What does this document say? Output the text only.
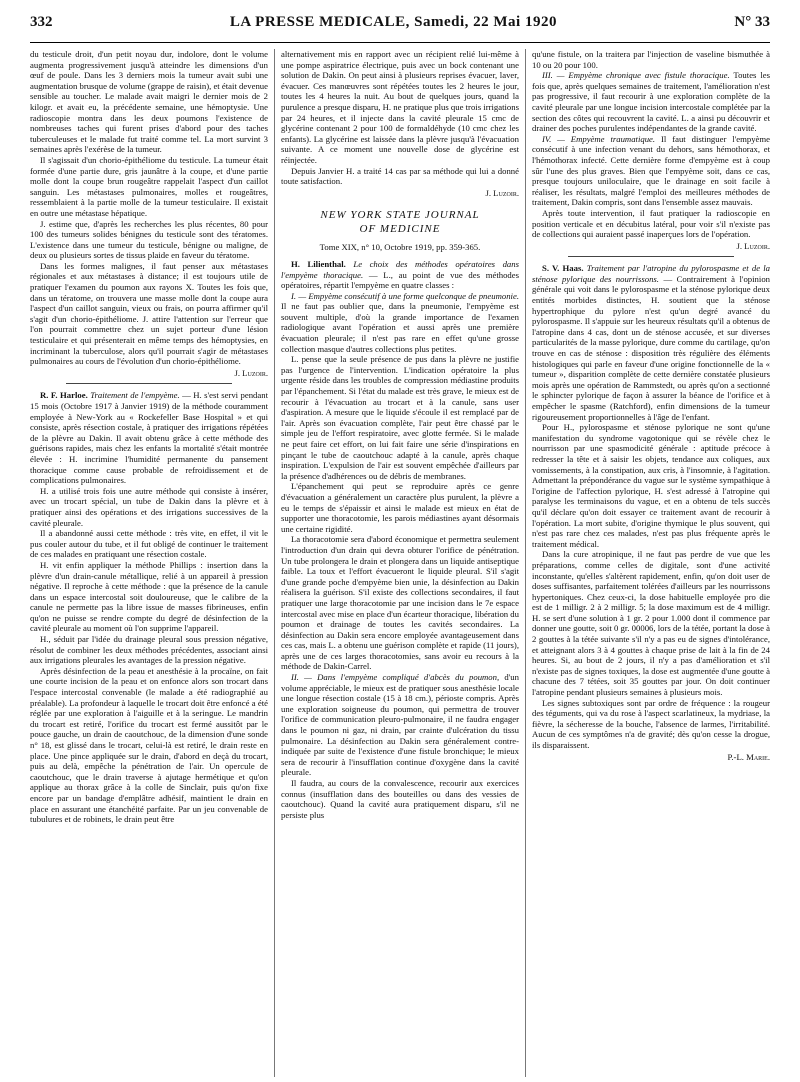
332	LA PRESSE MEDICALE, Samedi, 22 Mai 1920	N° 33

du testicule droit, d'un petit noyau dur, indolore, dont le volume augmenta progressivement jusqu'à atteindre les dimensions d'un œuf de poule. Dans les 3 derniers mois la tumeur avait subi une augmentation brusque de volume (grappe de raisin), et était devenue sensible au toucher. Le malade avait maigri le dernier mois de 2 kilogr. et avait eu, la précédente semaine, une hémoptysie. Une radioscopie montra dans les deux poumons l'existence de nombreuses taches qui furent prises d'abord pour des taches tuberculeuses et le malade fut traité comme tel. La mort survint 3 semaines après l'exérèse de la tumeur.

Il s'agissait d'un chorio-épithéliome du testicule. La tumeur était formée d'une partie dure, gris jaunâtre à la coupe, et d'une partie molle dont la coupe brun rougeâtre rappelait l'aspect d'un caillot sanguin. Les métastases pulmonaires, molles et rougeâtres, ressemblaient à la partie molle de la tumeur testiculaire. Il existait en outre une métastase hépatique.

J. estime que, d'après les recherches les plus récentes, 80 pour 100 des tumeurs solides bénignes du testicule sont des tératomes. L'existence dans une tumeur du testicule, bénigne ou maligne, de deux ou plusieurs sortes de tissus plaide en faveur du tératome.

Dans les formes malignes, il faut penser aux métastases régionales et aux métastases à distance; il est toujours utile de pratiquer l'examen du poumon aux rayons X. Toutes les fois que, dans un tératome, on trouvera une masse molle dont la coupe aura l'aspect d'un caillot sanguin, vieux ou frais, on pourra affirmer qu'il s'agit d'un chorio-épithéliome. J. attire l'attention sur l'erreur que l'on pourrait commettre chez un sujet porteur d'une lésion testiculaire et qui présenterait en même temps des hémoptysies, en incriminant la tuberculose, alors qu'il pourrait s'agir de métastases pulmonaires au cours de l'évolution d'un chorio-épithéliome.

J. Luzoir.

R. F. Harloe. Traitement de l'empyème. — H. s'est servi pendant 15 mois (Octobre 1917 à Janvier 1919) de la méthode couramment employée à New-York au « Rockefeller Base Hospital » et qui consiste, après résection costale, à pratiquer des irrigations répétées de la plèvre au Dakin. Il avait obtenu grâce à cette méthode des guérisons rapides, mais chez les enfants la mortalité s'était montrée élevée : H. incrimine l'humidité permanente du pansement thoracique comme cause probable de refroidissement et de complications pulmonaires.

H. a utilisé trois fois une autre méthode qui consiste à insérer, avec un trocart spécial, un tube de Dakin dans la plèvre et à pratiquer ainsi des opérations et des irrigations successives de la cavité pleurale.

Il a abandonné aussi cette méthode : très vite, en effet, il vit le pus couler autour du tube, et il fut obligé de continuer le traitement de ces malades en pratiquant une résection costale.

H. vit enfin appliquer la méthode Phillips : insertion dans la plèvre d'un drain-canule métallique, relié à un appareil à pression négative. Il reproche à cette méthode : que la présence de la canule dans un espace intercostal soit douloureuse, que le calibre de la canule ne permette pas la libre issue de masses fibrineuses, enfin qu'on ne puisse se rendre compte du degré de désinfection de la cavité pleurale au moment où l'on supprime l'appareil.

H., séduit par l'idée du drainage pleural sous pression négative, résolut de combiner les deux méthodes précédentes, associant ainsi aux irrigations pleurales les avantages de la pression négative.

Après désinfection de la peau et anesthésie à la procaïne, on fait une courte incision de la peau et on enfonce alors son trocart dans l'espace intercostal convenable (le malade a été radiographié au préalable). La profondeur à laquelle le trocart doit être enfoncé a été réglée par une exploration à l'aiguille et à la seringue. Le mandrin du trocart est retiré, l'orifice du trocart est fermé aussitôt par le pouce gauche, un drain de caoutchouc, de la dimension d'une sonde n° 18, est glissé dans le trocart, celui-là est retiré, le drain reste en place. Une pince appliquée sur le drain, d'abord en deçà du trocart, puis au delà, empêche la pénétration de l'air. Un opercule de caoutchouc, que le drain traverse à ajutage hermétique et qu'on applique au thorax grâce à la colle de Sinclair, puis qu'on fixe encore par un bandage d'emplâtre adhésif, maintient le drain en place en assurant une étanchéité parfaite. Par un jeu convenable de tubulures et de robinets, le drain peut être

alternativement mis en rapport avec un récipient relié lui-même à une pompe aspiratrice électrique, puis avec un bock contenant une solution de Dakin. On peut ainsi à plusieurs reprises évacuer, laver, évacuer. Ces manœuvres sont répétées toutes les 2 heures le jour, toutes les 4 heures la nuit. Au bout de quelques jours, quand la purulence a presque disparu, H. ne pratique plus que trois irrigations par 24 heures, et il injecte dans la cavité pleurale 15 cmc de glycérine contenant 2 pour 100 de formaldéhyde (10 cmc chez les enfants). La glycérine est laissée dans la plèvre jusqu'à l'évacuation suivante. A ce moment une nouvelle dose de glycérine est réinjectée.

Depuis Janvier H. a traité 14 cas par sa méthode qui lui a donné toute satisfaction.

J. Luzoir.
NEW YORK STATE JOURNAL
OF MEDICINE
Tome XIX, n° 10, Octobre 1919, pp. 359-365.

H. Lilienthal. Le choix des méthodes opératoires dans l'empyème thoracique. — L., au point de vue des méthodes opératoires, répartit l'empyème en quatre classes :

I. — Empyème consécutif à une forme quelconque de pneumonie. Il ne faut pas oublier que, dans la pneumonie, l'empyème est souvent multiple, d'où la grande importance de l'examen radiologique avant l'opération et aussi après une première évacuation pleurale; il n'est pas rare en effet qu'une grosse collection masque d'autres collections plus petites.

L. pense que la seule présence de pus dans la plèvre ne justifie pas l'urgence de l'intervention. L'indication opératoire la plus urgente réside dans les troubles de compression médiastine produits par l'épanchement. Si l'état du malade est très grave, le mieux est de recourir à l'évacuation au trocart et à la canule, sans user d'aspiration. A mesure que le liquide s'écoule il est remplacé par de l'air. Après son évacuation complète, l'air peut être chassé par le simple jeu de l'effort respiratoire, avec glotte fermée. Si le malade ne peut faire cet effort, on lui fait faire une série d'inspirations en pinçant le tube de caoutchouc adapté à la canule, après chaque inspiration. L'expulsion de l'air est souvent empêchée d'ailleurs par la présence d'adhérences ou de débris de membranes.

L'épanchement qui peut se reproduire après ce genre d'évacuation a généralement un caractère plus purulent, la plèvre a eu le temps de s'épaissir et ainsi le malade est mieux en état de supporter une thoracotomie, les parois médiastines ayant désormais une certaine rigidité.

La thoracotomie sera d'abord économique et permettra seulement l'introduction d'un drain qui devra obturer l'orifice de pénétration. Un tube prolongera le drain et plongera dans un liquide antiseptique faible. La toux et l'effort évacueront le liquide pleural. S'il s'agit d'une grande poche d'empyème bien unie, la désinfection au Dakin réalisera la guérison. S'il existe des collections secondaires, il faut pratiquer une large thoracotomie par une incision dans le 7e espace intercostal avec mise en place d'un écarteur thoracique, libération du poumon et drainage de toutes les cavités secondaires. La désinfection au Dakin sera encore employée avantageusement dans ces cas, mais L. a obtenu une guérison complète et rapide (11 jours), après une de ces larges thoracotomies, sans avoir eu recours à la méthode de Dakin-Carrel.

II. — Dans l'empyème compliqué d'abcès du poumon, d'un volume appréciable, le mieux est de pratiquer sous anesthésie locale une longue résection costale (15 à 18 cm.), périoste compris. Après une exploration soigneuse du poumon, qui permettra de trouver l'orifice de communication pleuro-pulmonaire, il ne faudra engager dans le poumon ni gaz, ni drain, par crainte d'ulcération du tissu pulmonaire. La désinfection au Dakin sera généralement contre-indiquée par suite de l'existence d'une fistule bronchique; le mieux sera de recourir à l'insufflation continue d'oxygène dans la cavité pleurale.

Il faudra, au cours de la convalescence, recourir aux exercices connus (insufflation dans des bouteilles ou dans des vessies de caoutchouc). Quand la cavité aura pratiquement disparu, s'il ne persiste plus

qu'une fistule, on la traitera par l'injection de vaseline bismuthée à 10 ou 20 pour 100.

III. — Empyème chronique avec fistule thoracique. Toutes les fois que, après quelques semaines de traitement, l'amélioration n'est pas progressive, il faut recourir à une exploration complète de la cavité pleurale par une longue incision intercostale complétée par la section des côtes qui recouvrent la cavité. L. a ainsi pu découvrir et drainer des poches purulentes indépendantes de la grande cavité.

IV. — Empyème traumatique. Il faut distinguer l'empyème consécutif à une infection venant du dehors, sans hémothorax, et l'hémothorax infecté. Cette dernière forme d'empyème est à coup sûr l'une des plus graves. Bien que l'empyème soit, dans ce cas, presque toujours uniloculaire, que le drainage en soit facile à réaliser, les résultats, malgré l'emploi des meilleures méthodes de traitement, Dakin compris, sont dans l'ensemble assez mauvais.

Après toute intervention, il faut pratiquer la radioscopie en position verticale et en décubitus latéral, pour voir s'il n'existe pas de collections qui auraient passé inaperçues lors de l'opération.

J. Luzoir.

S. V. Haas. Traitement par l'atropine du pylorospasme et de la sténose pylorique des nourrissons. — Contrairement à l'opinion générale qui voit dans le pylorospasme et la sténose pylorique deux entités morbides distinctes, H. soutient que la sténose hypertrophique du pylore n'est qu'un degré avancé du pylorospasme. Il s'appuie sur les heureux résultats qu'il a obtenus de l'atropine dans 4 cas, dont un de sténose accusée, et sur diverses particularités de la masse pylorique, dure comme du cartilage, qu'on trouve en cas de sténose : disposition très régulière des éléments histologiques qui parle en faveur d'une origine fonctionnelle de la « tumeur », disparition complète de cette dernière constatée plusieurs mois après une opération de Rammstedt, ou après qu'on a sectionné le sphincter pylorique de façon à assurer la béance de l'orifice et à empêcher le spasme (Ratchford), enfin dimensions de la tumeur rigoureusement proportionnelles à l'âge de l'enfant.

Pour H., pylorospasme et sténose pylorique ne sont qu'une manifestation du syndrome vagotonique qui se révèle chez le nourrisson par une spasmodicité générale : aptitude précoce à redresser la tête et à saisir les objets, tendance aux coliques, aux vomissements, à la constipation, aux cris, à l'insomnie, à l'agitation. Admettant la prépondérance du vague sur le système sympathique à l'origine de l'affection pylorique, H. s'est adressé à l'atropine qui paralyse les terminaisons du vague, et en a obtenu de tels succès qu'il déclare qu'on doit essayer ce traitement avant de recourir à l'opération. La mort subite, d'origine thymique le plus souvent, qui n'est pas rare chez ces malades, n'est pas plus fréquente après le traitement médical.

Dans la cure atropinique, il ne faut pas perdre de vue que les préparations, comme celles de digitale, sont d'une activité inconstante, qu'elles s'altèrent rapidement, enfin, qu'on doit user de doses suffisantes, parfaitement tolérées d'ailleurs par les nourrissons hypertoniques. Chez ceux-ci, la dose habituelle employée pro die est de 1 milligr. 2 à 2 milligr. 5; la dose maximum est de 4 milligr. H. se sert d'une solution à 1 gr. 2 pour 1.000 dont il commence par donner une goutte, soit 0 gr. 00006, lors de la tétée, portant la dose à 2 gouttes à la tétée suivante s'il n'y a pas eu de signes d'intolérance, et atteignant alors 3 à 4 gouttes à chaque prise de lait à la fin de 24 heures. Si, au bout de 2 jours, il n'y a pas d'amélioration et s'il n'existe pas de signes toxiques, la dose est augmentée d'une goutte à chacune des 7 tétées, soit 35 gouttes par jour. On doit continuer l'atropine pendant plusieurs semaines à plusieurs mois.

Les signes subtoxiques sont par ordre de fréquence : la rougeur des téguments, qui va du rose à l'aspect scarlatineux, la mydriase, la fièvre, la sécheresse de la bouche, l'absence de larmes, l'irritabilité. Aucun de ces symptômes n'a de gravité; dès qu'on cesse la drogue, ils disparaissent.

P.-L. Marie.
